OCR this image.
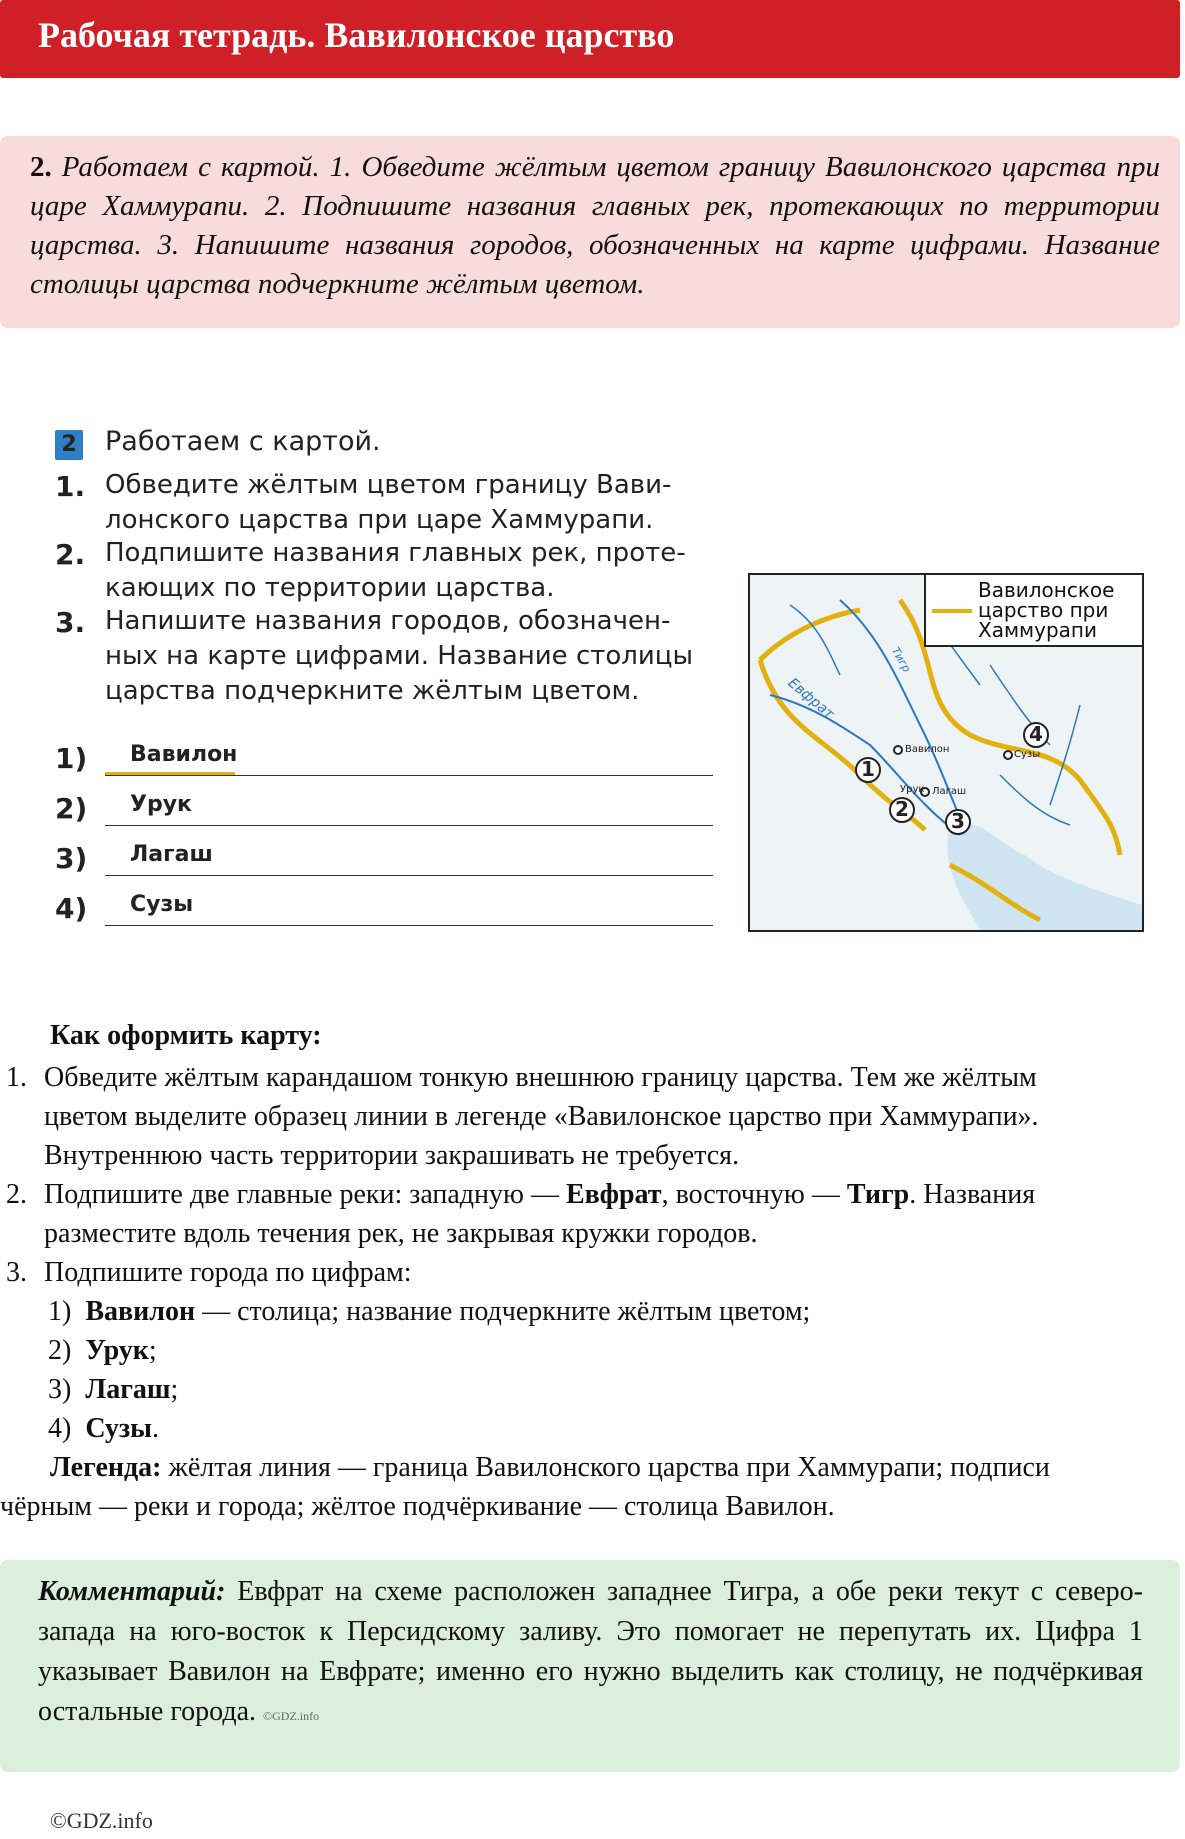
Рабочая тетрадь. Вавилонское царство

2. Работаем с картой. 1. Обведите жёлтым цветом границу Вавилонского царства при царе Хаммурапи. 2. Подпишите названия главных рек, протекающих по территории царства. 3. Напишите названия городов, обозначенных на карте цифрами. Название столицы царства подчеркните жёлтым цветом.

2 Работаем с картой.
1. Обведите жёлтым цветом границу Вави-
лонского царства при царе Хаммурапи.
2. Подпишите названия главных рек, проте-
кающих по территории царства.
3. Напишите названия городов, обозначен-
ных на карте цифрами. Название столицы
царства подчеркните жёлтым цветом.
1) Вавилон
2) Урук
3) Лагаш
4) Сузы
1
2 3
4
Вавилон
Лагаш
Урук
Сузы
Евфрат
Тигр
Вавилонское
царство при
Хаммурапи
Как оформить карту:
1. Обведите жёлтым карандашом тонкую внешнюю границу царства. Тем же жёлтым
цветом выделите образец линии в легенде «Вавилонское царство при Хаммурапи».
Внутреннюю часть территории закрашивать не требуется.
2. Подпишите две главные реки: западную — Евфрат, восточную — Тигр. Названия
разместите вдоль течения рек, не закрывая кружки городов.
3. Подпишите города по цифрам:
1) Вавилон — столица; название подчеркните жёлтым цветом;
2) Урук;
3) Лагаш;
4) Сузы.
Легенда: жёлтая линия — граница Вавилонского царства при Хаммурапи; подписи
чёрным — реки и города; жёлтое подчёркивание — столица Вавилон.

Комментарий: Евфрат на схеме расположен западнее Тигра, а обе реки текут с северо-запада на юго-восток к Персидскому заливу. Это помогает не перепутать их. Цифра 1 указывает Вавилон на Евфрате; именно его нужно выделить как столицу, не подчёркивая остальные города. ©GDZ.info

©GDZ.info
